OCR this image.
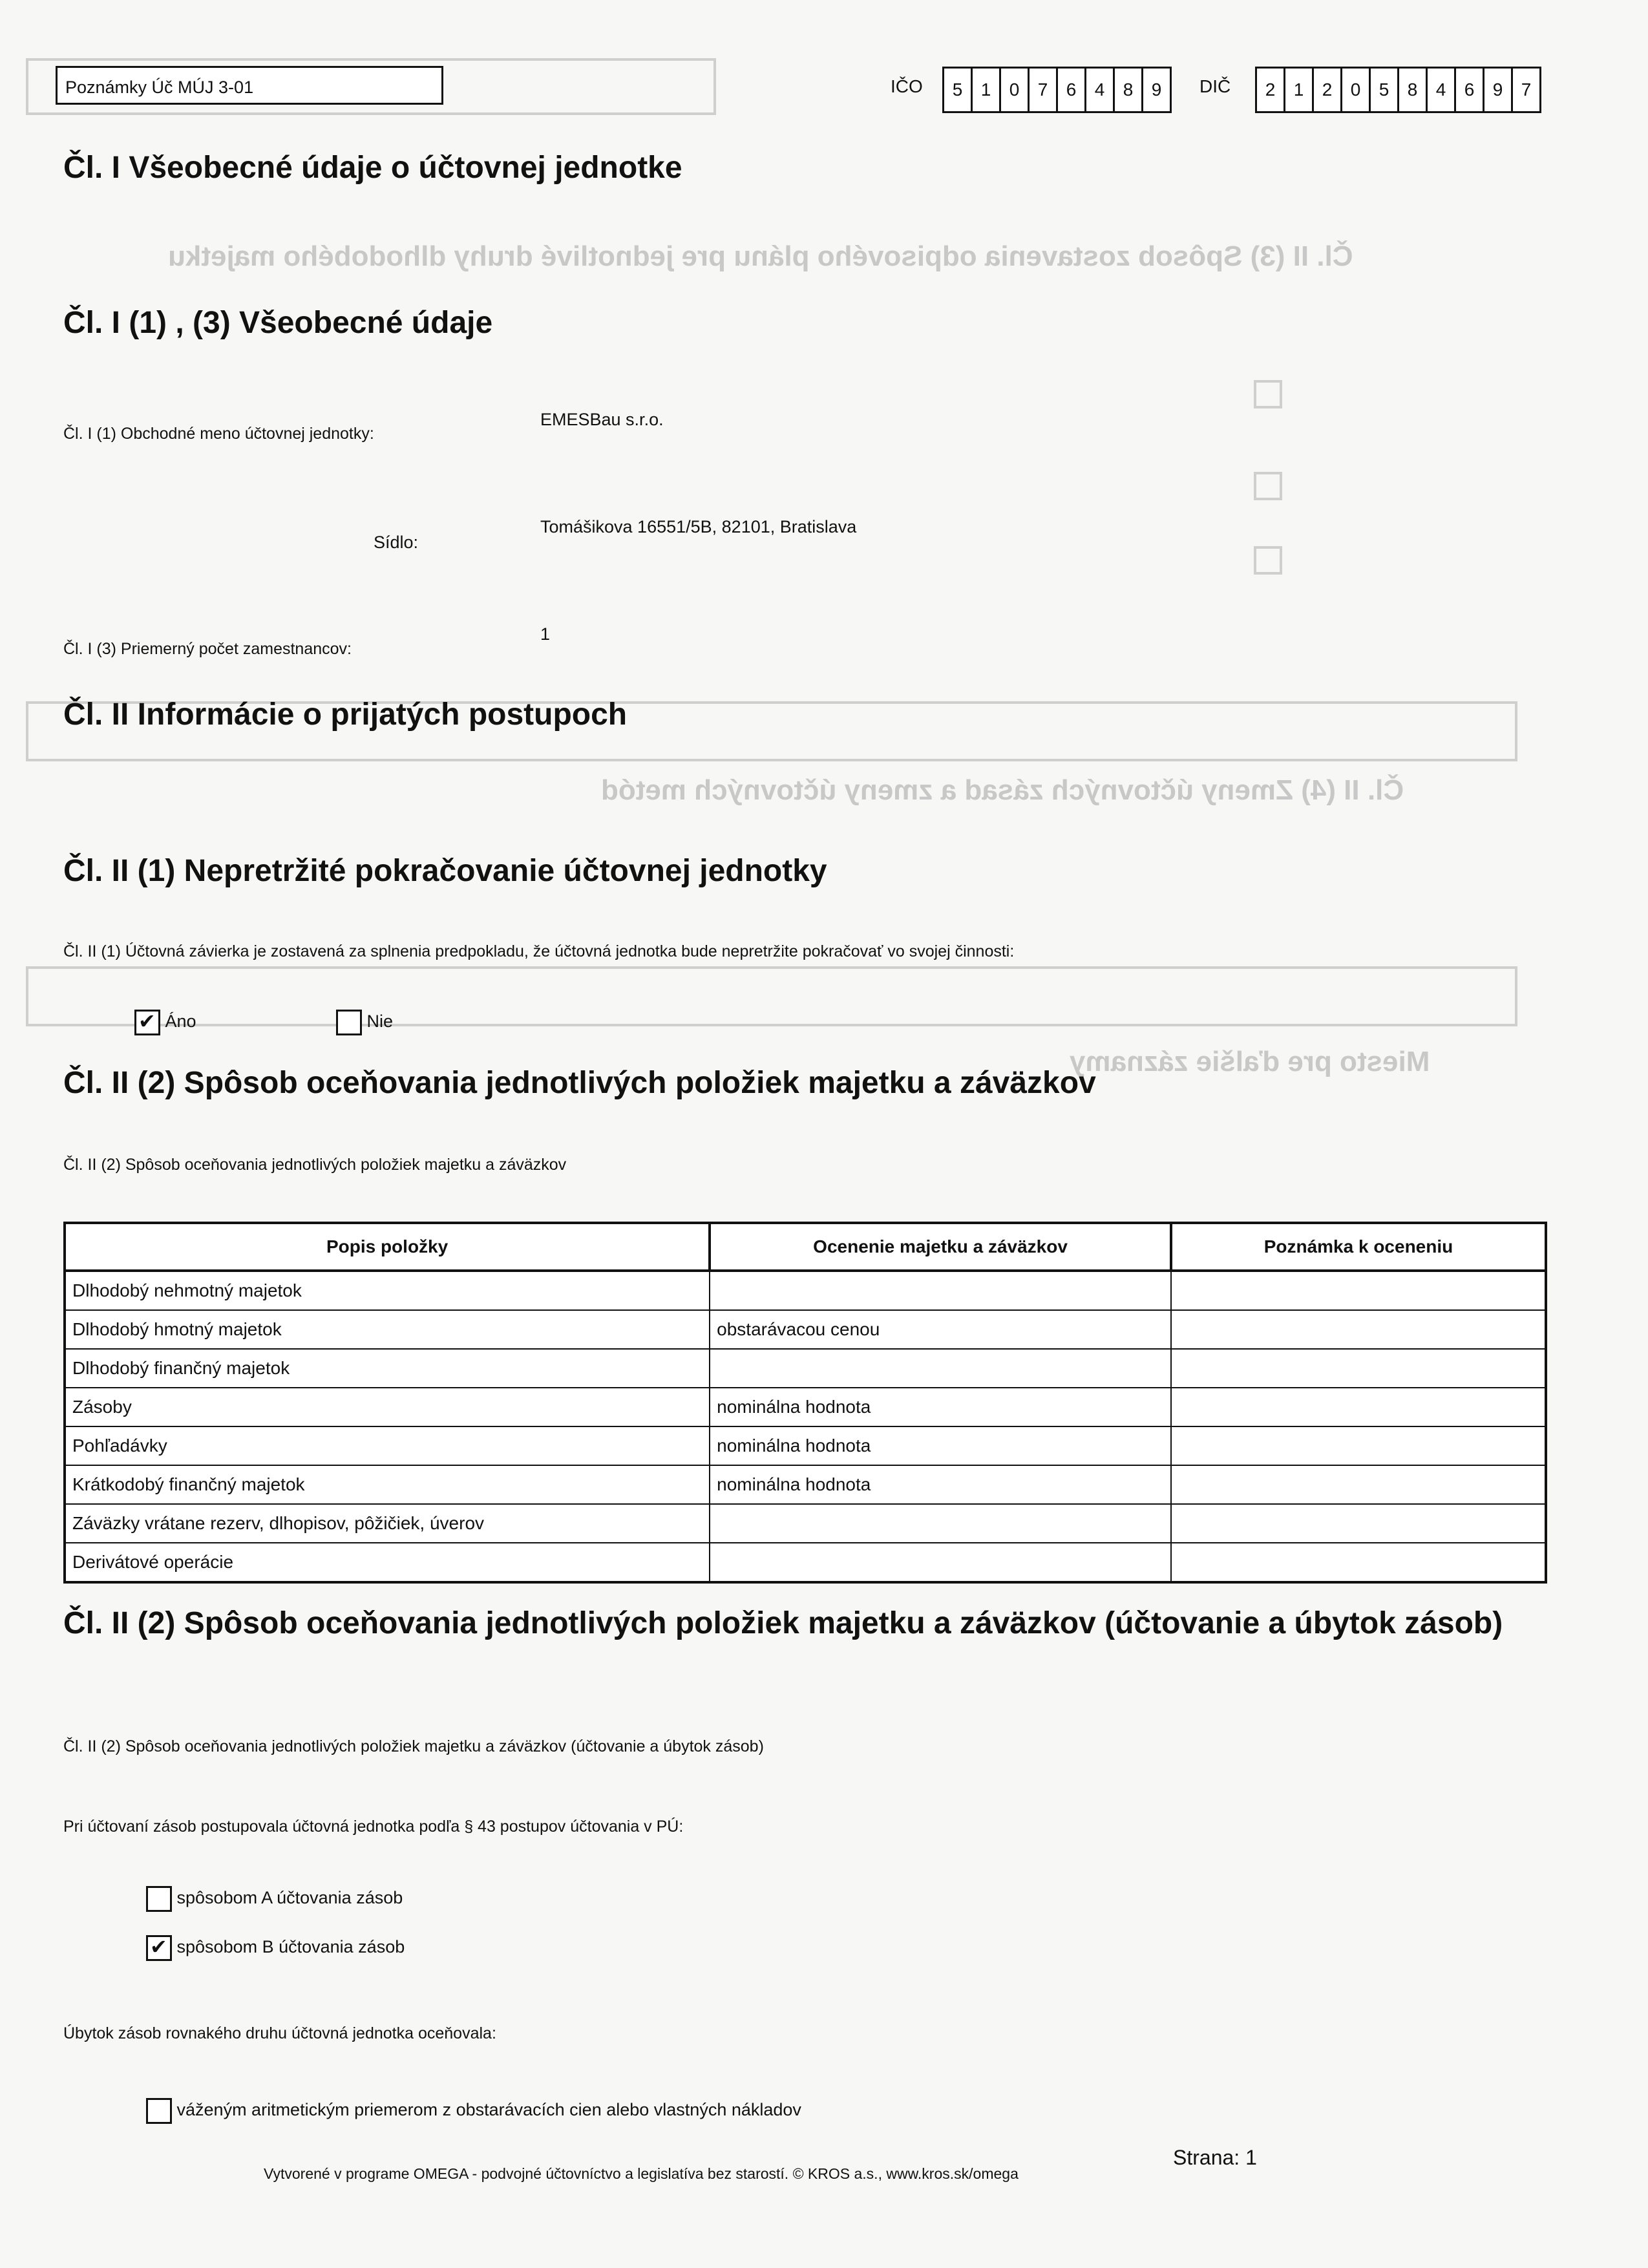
Čl. II (3) Spôsob zostavenia odpisového plánu pre jednotlivé druhy dlhodobého majetku
Čl. II (4) Zmeny účtovných zásad a zmeny účtovných metód
Miesto pre ďalšie záznamy
Poznámky Úč MÚJ 3-01	IČO	5	1	0	7	6	4	8	9	DIČ	2	1	2	0	5	8	4	6	9	7
Čl. I Všeobecné údaje o účtovnej jednotke
Čl. I (1) , (3) Všeobecné údaje
Čl. I (1) Obchodné meno účtovnej jednotky:
EMESBau s.r.o.
Sídlo:
Tomášikova 16551/5B, 82101, Bratislava
Čl. I (3) Priemerný počet zamestnancov:
1
Čl. II Informácie o prijatých postupoch
Čl. II (1) Nepretržité pokračovanie účtovnej jednotky
Čl. II (1) Účtovná závierka je zostavená za splnenia predpokladu, že účtovná jednotka bude nepretržite pokračovať vo svojej činnosti:
✔ Áno	Nie
Čl. II (2) Spôsob oceňovania jednotlivých položiek majetku a záväzkov
Čl. II (2) Spôsob oceňovania jednotlivých položiek majetku a záväzkov
Popis položky	Ocenenie majetku a záväzkov	Poznámka k oceneniu
Dlhodobý nehmotný majetok		
Dlhodobý hmotný majetok	obstarávacou cenou	
Dlhodobý finančný majetok		
Zásoby	nominálna hodnota	
Pohľadávky	nominálna hodnota	
Krátkodobý finančný majetok	nominálna hodnota	
Záväzky vrátane rezerv, dlhopisov, pôžičiek, úverov		
Derivátové operácie		
Čl. II (2) Spôsob oceňovania jednotlivých položiek majetku a záväzkov (účtovanie a úbytok zásob)
Čl. II (2) Spôsob oceňovania jednotlivých položiek majetku a záväzkov (účtovanie a úbytok zásob)
Pri účtovaní zásob postupovala účtovná jednotka podľa § 43 postupov účtovania v PÚ:
spôsobom A účtovania zásob
✔ spôsobom B účtovania zásob
Úbytok zásob rovnakého druhu účtovná jednotka oceňovala:
váženým aritmetickým priemerom z obstarávacích cien alebo vlastných nákladov
Strana: 1
Vytvorené v programe OMEGA - podvojné účtovníctvo a legislatíva bez starostí. © KROS a.s., www.kros.sk/omega
